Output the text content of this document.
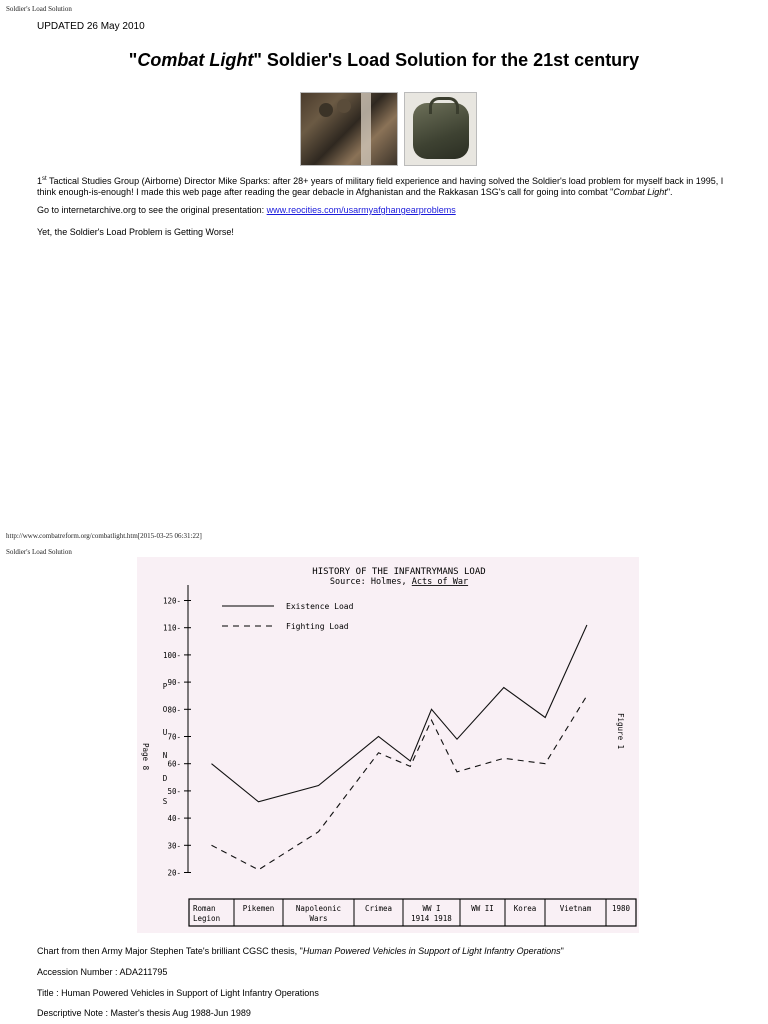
Soldier's Load Solution
UPDATED 26 May 2010
"Combat Light" Soldier's Load Solution for the 21st century

1st Tactical Studies Group (Airborne) Director Mike Sparks: after 28+ years of military field experience and having solved the Soldier's load problem for myself back in 1995, I think enough-is-enough! I made this web page after reading the gear debacle in Afghanistan and the Rakkasan 1SG's call for going into combat "Combat Light".

Go to internetarchive.org to see the original presentation: www.reocities.com/usarmyafghangearproblems
Yet, the Soldier's Load Problem is Getting Worse!
http://www.combatreform.org/combatlight.htm[2015-03-25 06:31:22]
Soldier's Load Solution
HISTORY OF THE INFANTRYMANS LOAD
Source: Holmes, Acts of War
20-
30-
40-
50-
60-
70-
80-
90-
100-
110-
120-
P
O
U
N
D
S
Existence Load
Fighting Load
Roman
Legion
Pikemen	Napoleonic
Wars
Crimea	WW I
1914 1918
WW II	Korea	Vietnam	1980
Page 8
Figure 1
Chart from then Army Major Stephen Tate's brilliant CGSC thesis, "Human Powered Vehicles in Support of Light Infantry Operations"
Accession Number : ADA211795
Title : Human Powered Vehicles in Support of Light Infantry Operations
Descriptive Note : Master's thesis Aug 1988-Jun 1989
